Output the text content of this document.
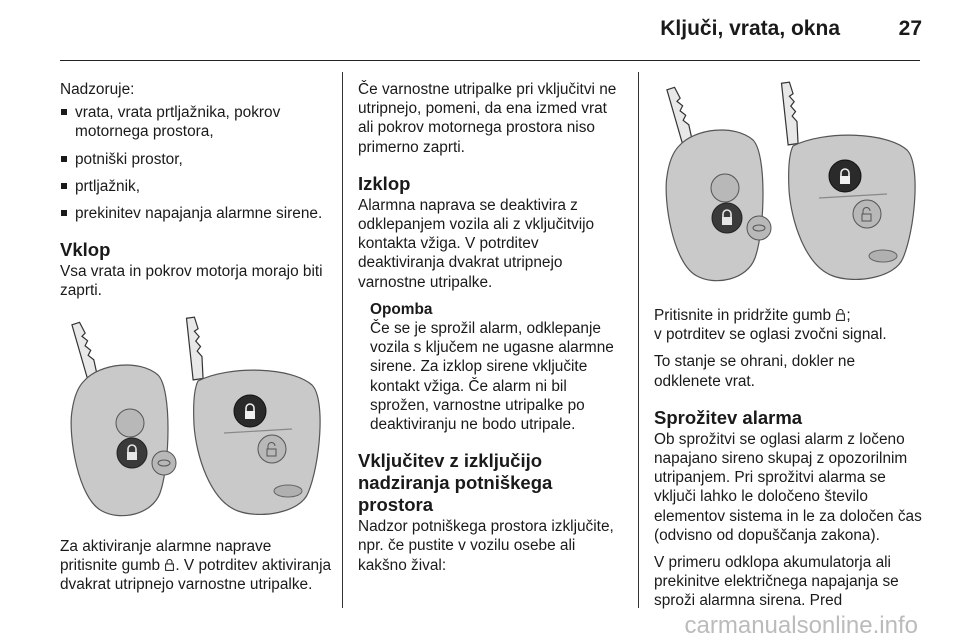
Ključi, vrata, okna	27

Nadzoruje:

vrata, vrata prtljažnika, pokrov motornega prostora,
potniški prostor,
prtljažnik,
prekinitev napajanja alarmne sirene.
Vklop

Vsa vrata in pokrov motorja morajo biti zaprti.

Za aktiviranje alarmne naprave pritisnite gumb . V potrditev aktiviranja dvakrat utripnejo varnostne utripalke.

Če varnostne utripalke pri vključitvi ne utripnejo, pomeni, da ena izmed vrat ali pokrov motornega prostora niso primerno zaprti.

Izklop

Alarmna naprava se deaktivira z odklepanjem vozila ali z vključitvijo kontakta vžiga. V potrditev deaktiviranja dvakrat utripnejo varnostne utripalke.

Opomba
Če se je sprožil alarm, odklepanje vozila s ključem ne ugasne alarmne sirene. Za izklop sirene vključite kontakt vžiga. Če alarm ni bil sprožen, varnostne utripalke po deaktiviranju ne bodo utripale.
Vključitev z izključijo nadziranja potniškega prostora

Nadzor potniškega prostora izključite, npr. če pustite v vozilu osebe ali kakšno žival:

Pritisnite in pridržite gumb ;
v potrditev se oglasi zvočni signal.

To stanje se ohrani, dokler ne odklenete vrat.

Sprožitev alarma

Ob sprožitvi se oglasi alarm z ločeno napajano sireno skupaj z opozorilnim utripanjem. Pri sprožitvi alarma se vključi lahko le določeno število elementov sistema in le za določen čas (odvisno od dopuščanja zakona).

V primeru odklopa akumulatorja ali prekinitve električnega napajanja se sproži alarmna sirena. Pred

carmanualsonline.info
